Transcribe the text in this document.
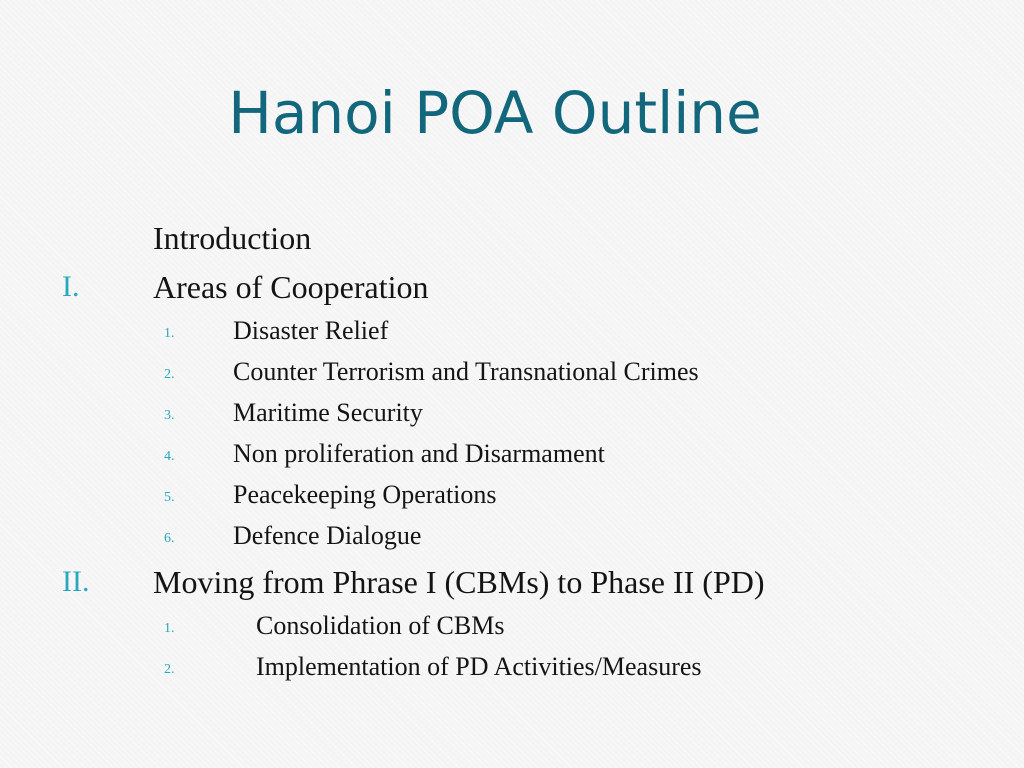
Hanoi POA Outline
Introduction
I. Areas of Cooperation
1. Disaster Relief
2. Counter Terrorism and Transnational Crimes
3. Maritime Security
4. Non proliferation and Disarmament
5. Peacekeeping Operations
6. Defence Dialogue
II. Moving from Phrase I (CBMs) to Phase II (PD)
1.	Consolidation of CBMs
2.	Implementation of PD Activities/Measures
